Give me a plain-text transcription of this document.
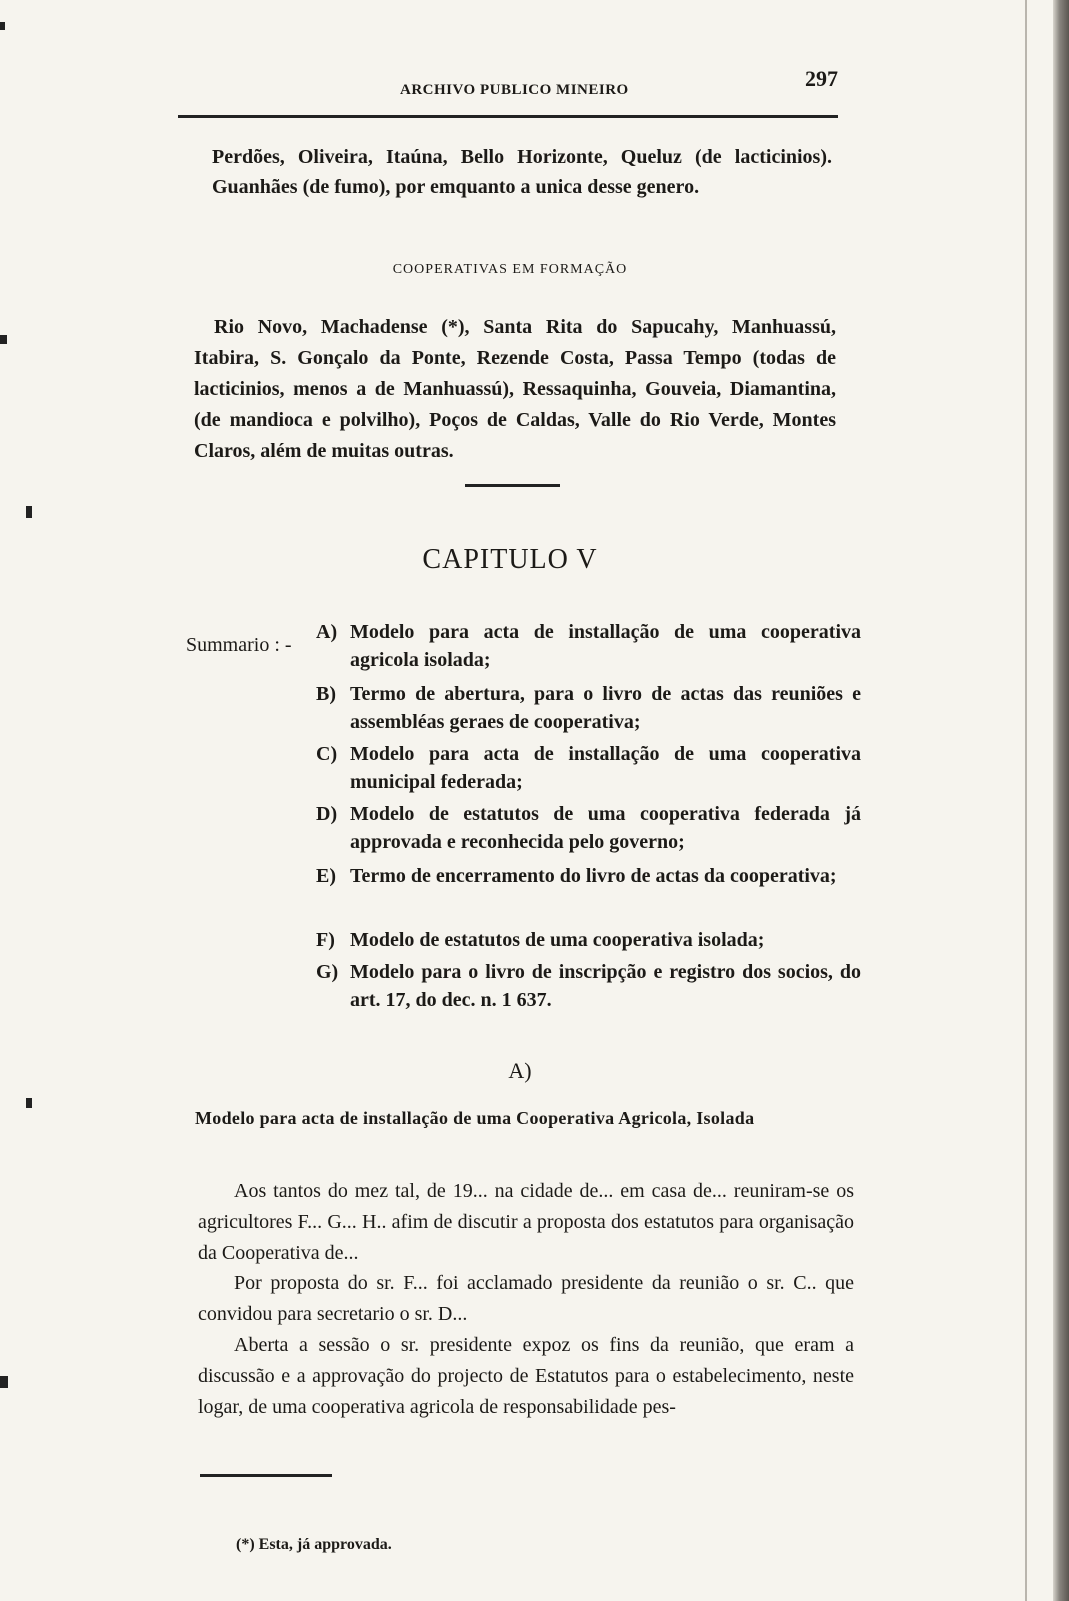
ARCHIVO PUBLICO MINEIRO	297
Perdões, Oliveira, Itaúna, Bello Horizonte, Queluz (de lacticinios). Guanhães (de fumo), por emquanto a unica desse genero.
COOPERATIVAS EM FORMAÇÃO
Rio Novo, Machadense (*), Santa Rita do Sapucahy, Manhuassú, Itabira, S. Gonçalo da Ponte, Rezende Costa, Passa Tempo (todas de lacticinios, menos a de Manhuassú), Ressaquinha, Gouveia, Diamantina, (de mandioca e polvilho), Poços de Caldas, Valle do Rio Verde, Montes Claros, além de muitas outras.
CAPITULO V
Summario : -
A) Modelo para acta de installação de uma cooperativa agricola isolada;
B) Termo de abertura, para o livro de actas das reuniões e assembléas geraes de cooperativa;
C) Modelo para acta de installação de uma cooperativa municipal federada;
D) Modelo de estatutos de uma cooperativa federada já approvada e reconhecida pelo governo;
E) Termo de encerramento do livro de actas da cooperativa;
F) Modelo de estatutos de uma cooperativa isolada;
G) Modelo para o livro de inscripção e registro dos socios, do art. 17, do dec. n. 1 637.
A)
Modelo para acta de installação de uma Cooperativa Agricola, Isolada
Aos tantos do mez tal, de 19... na cidade de... em casa de... reuniram-se os agricultores F... G... H.. afim de discutir a proposta dos estatutos para organisação da Cooperativa de...
Por proposta do sr. F... foi acclamado presidente da reunião o sr. C.. que convidou para secretario o sr. D...
Aberta a sessão o sr. presidente expoz os fins da reunião, que eram a discussão e a approvação do projecto de Estatutos para o estabelecimento, neste logar, de uma cooperativa agricola de responsabilidade pes-
(*) Esta, já approvada.
